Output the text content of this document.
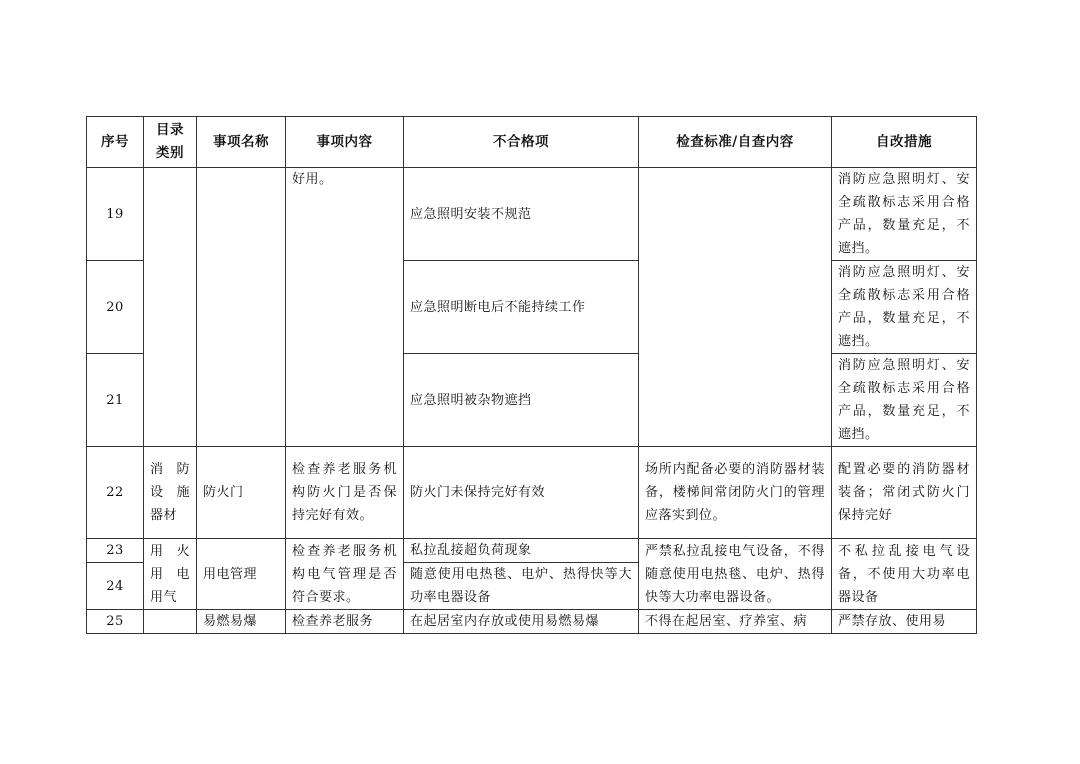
序号	目录类别	事项名称	事项内容	不合格项	检查标准/自查内容	自改措施
19			好用。	应急照明安装不规范		消防应急照明灯、安全疏散标志采用合格产品，数量充足，不遮挡。
20				应急照明断电后不能持续工作		消防应急照明灯、安全疏散标志采用合格产品，数量充足，不遮挡。
21				应急照明被杂物遮挡		消防应急照明灯、安全疏散标志采用合格产品，数量充足，不遮挡。
22	消防设施器材	防火门	检查养老服务机构防火门是否保持完好有效。	防火门未保持完好有效	场所内配备必要的消防器材装备，楼梯间常闭防火门的管理应落实到位。	配置必要的消防器材装备；常闭式防火门保持完好
23	用火用电用气	用电管理	检查养老服务机构电气管理是否符合要求。	私拉乱接超负荷现象	严禁私拉乱接电气设备，不得随意使用电热毯、电炉、热得快等大功率电器设备。	不私拉乱接电气设备，不使用大功率电器设备
24				随意使用电热毯、电炉、热得快等大功率电器设备		
25		易燃易爆	检查养老服务	在起居室内存放或使用易燃易爆	不得在起居室、疗养室、病	严禁存放、使用易
